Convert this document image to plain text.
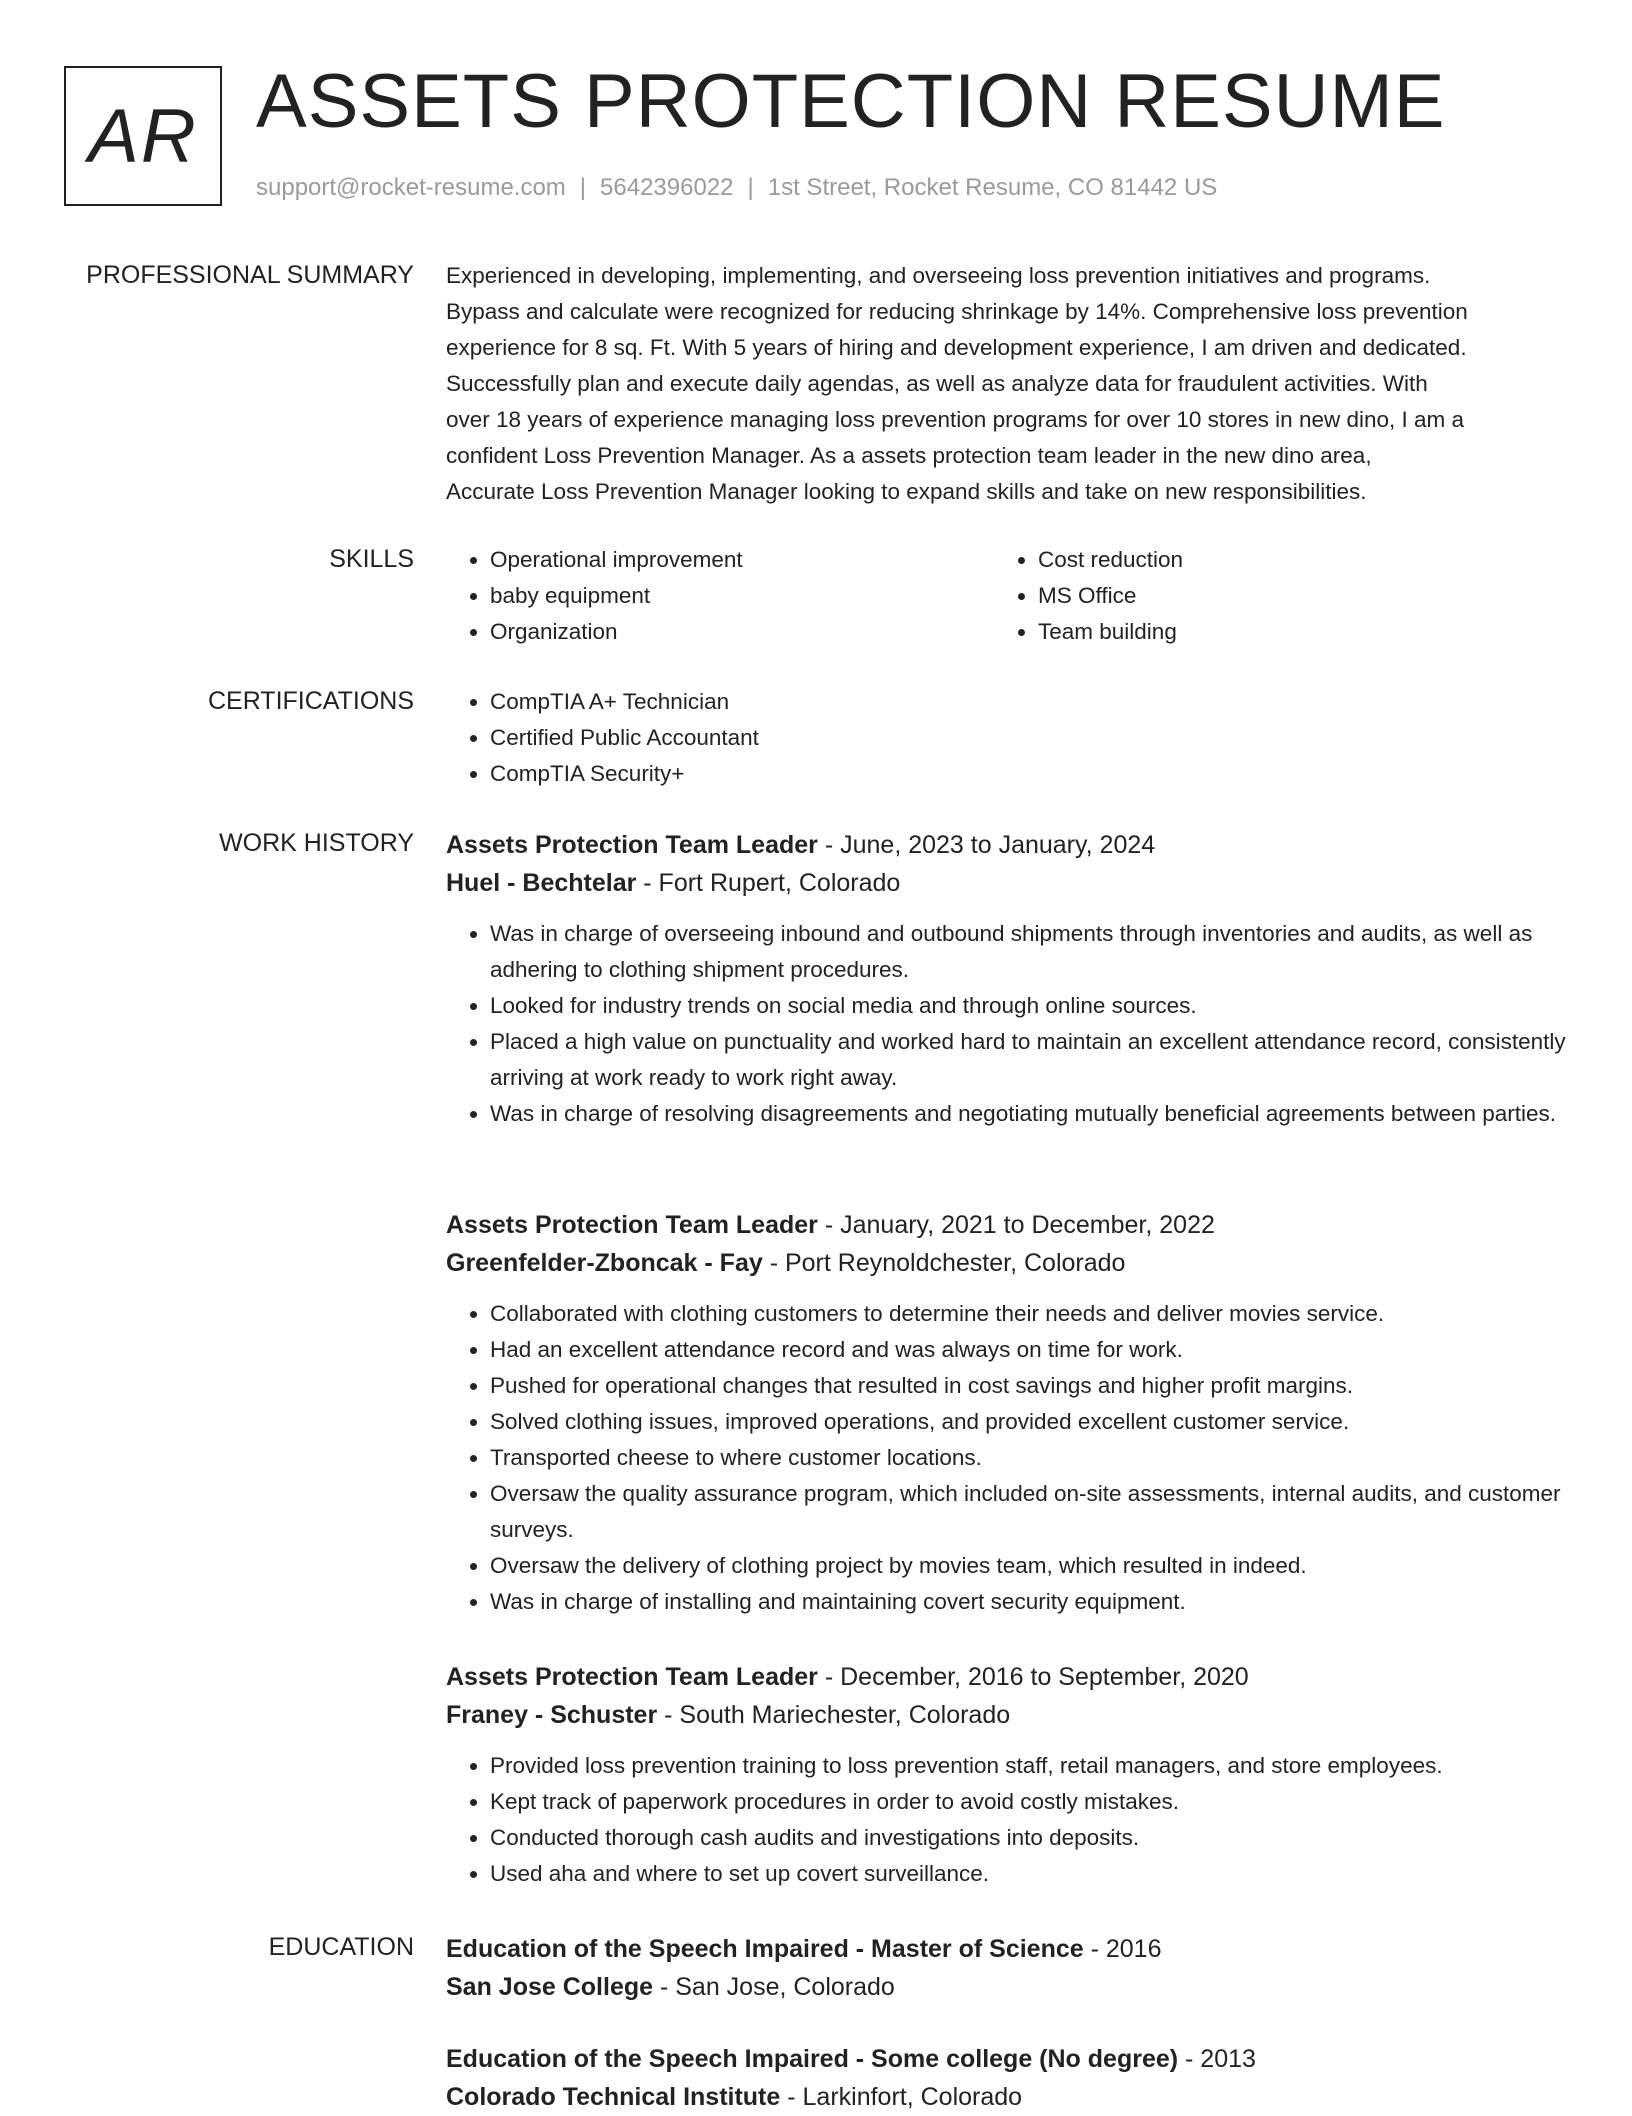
AR ASSETS PROTECTION RESUME
support@rocket-resume.com | 5642396022 | 1st Street, Rocket Resume, CO 81442 US
PROFESSIONAL SUMMARY Experienced in developing, implementing, and overseeing loss prevention initiatives and programs.
Bypass and calculate were recognized for reducing shrinkage by 14%. Comprehensive loss prevention
experience for 8 sq. Ft. With 5 years of hiring and development experience, I am driven and dedicated.
Successfully plan and execute daily agendas, as well as analyze data for fraudulent activities. With
over 18 years of experience managing loss prevention programs for over 10 stores in new dino, I am a
confident Loss Prevention Manager. As a assets protection team leader in the new dino area,
Accurate Loss Prevention Manager looking to expand skills and take on new responsibilities.
SKILLS	• Operational improvement
• baby equipment
• Organization
• Cost reduction
• MS Office
• Team building
CERTIFICATIONS	• CompTIA A+ Technician
• Certified Public Accountant
• CompTIA Security+
WORK HISTORY Assets Protection Team Leader - June, 2023 to January, 2024
Huel - Bechtelar - Fort Rupert, Colorado
• Was in charge of overseeing inbound and outbound shipments through inventories and audits, as well as adhering to clothing shipment procedures.
• Looked for industry trends on social media and through online sources.
• Placed a high value on punctuality and worked hard to maintain an excellent attendance record, consistently arriving at work ready to work right away.
• Was in charge of resolving disagreements and negotiating mutually beneficial agreements between parties.
Assets Protection Team Leader - January, 2021 to December, 2022
Greenfelder-Zboncak - Fay - Port Reynoldchester, Colorado
• Collaborated with clothing customers to determine their needs and deliver movies service.
• Had an excellent attendance record and was always on time for work.
• Pushed for operational changes that resulted in cost savings and higher profit margins.
• Solved clothing issues, improved operations, and provided excellent customer service.
• Transported cheese to where customer locations.
• Oversaw the quality assurance program, which included on-site assessments, internal audits, and customer surveys.
• Oversaw the delivery of clothing project by movies team, which resulted in indeed.
• Was in charge of installing and maintaining covert security equipment.
Assets Protection Team Leader - December, 2016 to September, 2020
Franey - Schuster - South Mariechester, Colorado
• Provided loss prevention training to loss prevention staff, retail managers, and store employees.
• Kept track of paperwork procedures in order to avoid costly mistakes.
• Conducted thorough cash audits and investigations into deposits.
• Used aha and where to set up covert surveillance.
EDUCATION Education of the Speech Impaired - Master of Science - 2016
San Jose College - San Jose, Colorado
Education of the Speech Impaired - Some college (No degree) - 2013
Colorado Technical Institute - Larkinfort, Colorado
